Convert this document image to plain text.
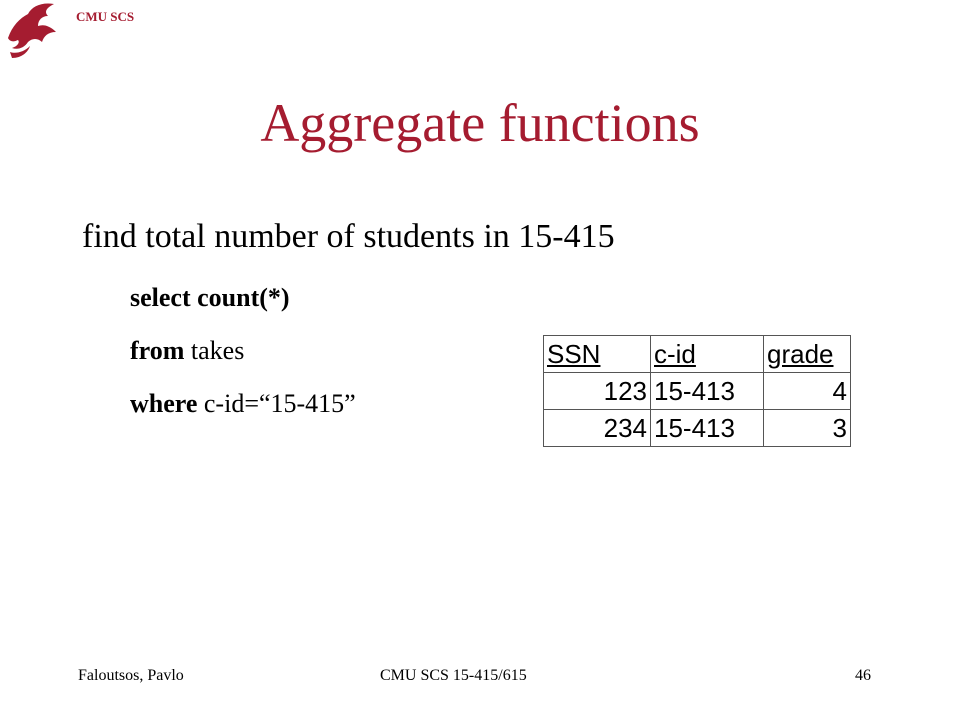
CMU SCS
Aggregate functions
find total number of students in 15-415
select count(*)
from takes
where c-id=“15-415”
SSN	c-id	grade
123	15-413	4
234	15-413	3
Faloutsos, Pavlo	CMU SCS 15-415/615	46
